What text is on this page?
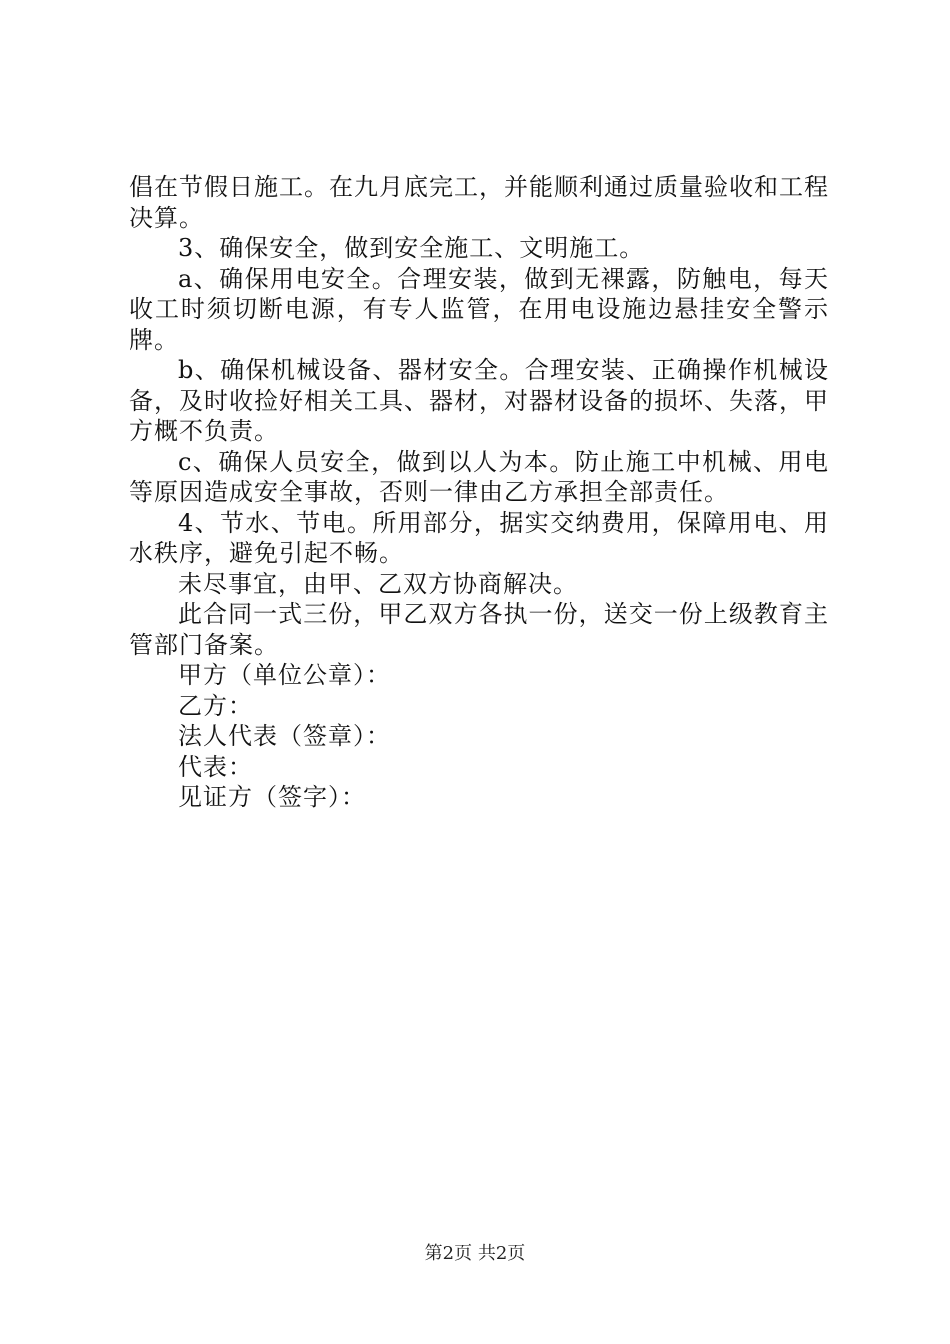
倡在节假日施工。在九月底完工，并能顺利通过质量验收和工程决算。

3、确保安全，做到安全施工、文明施工。

a、确保用电安全。合理安装，做到无裸露，防触电，每天收工时须切断电源，有专人监管，在用电设施边悬挂安全警示牌。

b、确保机械设备、器材安全。合理安装、正确操作机械设备，及时收捡好相关工具、器材，对器材设备的损坏、失落，甲方概不负责。

c、确保人员安全，做到以人为本。防止施工中机械、用电等原因造成安全事故，否则一律由乙方承担全部责任。

4、节水、节电。所用部分，据实交纳费用，保障用电、用水秩序，避免引起不畅。

未尽事宜，由甲、乙双方协商解决。

此合同一式三份，甲乙双方各执一份，送交一份上级教育主管部门备案。

甲方（单位公章）：

乙方：

法人代表（签章）：

代表：

见证方（签字）：

第2页 共2页
